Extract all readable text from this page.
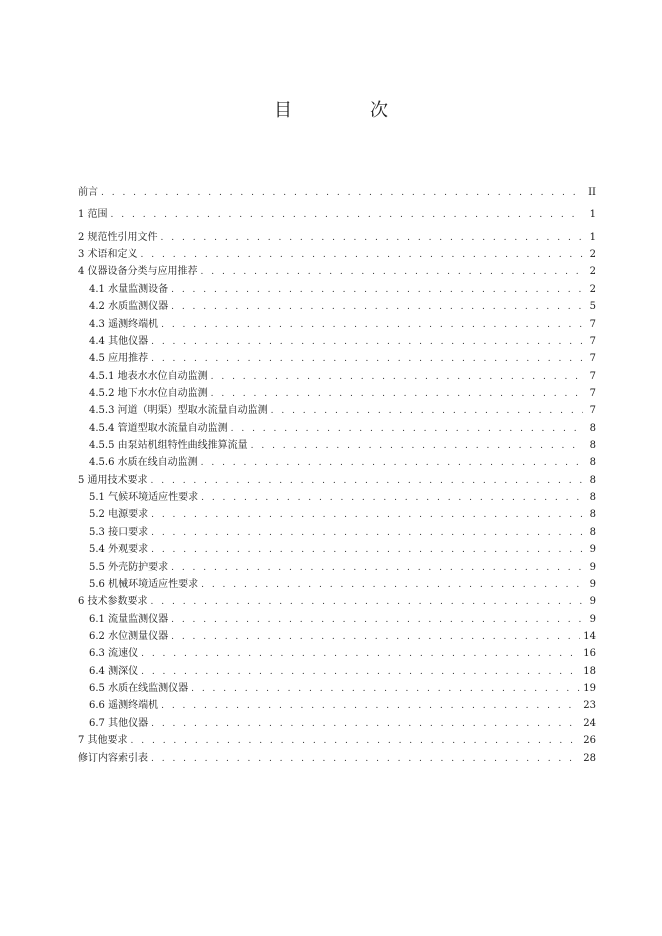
目　次
前言 . . .	II
1 范围 . . .	1
2 规范性引用文件 . . .	1
3 术语和定义 . . .	2
4 仪器设备分类与应用推荐 . . .	2
4.1 水量监测设备 . . .	2
4.2 水质监测仪器 . . .	5
4.3 遥测终端机 . . .	7
4.4 其他仪器 . . .	7
4.5 应用推荐 . . .	7
4.5.1 地表水水位自动监测 . . .	7
4.5.2 地下水水位自动监测 . . .	7
4.5.3 河道（明渠）型取水流量自动监测 . . .	7
4.5.4 管道型取水流量自动监测 . . .	8
4.5.5 由泵站机组特性曲线推算流量 . . .	8
4.5.6 水质在线自动监测 . . .	8
5 通用技术要求 . . .	8
5.1 气候环境适应性要求 . . .	8
5.2 电源要求 . . .	8
5.3 接口要求 . . .	8
5.4 外观要求 . . .	9
5.5 外壳防护要求 . . .	9
5.6 机械环境适应性要求 . . .	9
6 技术参数要求 . . .	9
6.1 流量监测仪器 . . .	9
6.2 水位测量仪器 . . .	14
6.3 流速仪 . . .	16
6.4 测深仪 . . .	18
6.5 水质在线监测仪器 . . .	19
6.6 遥测终端机 . . .	23
6.7 其他仪器 . . .	24
7 其他要求 . . .	26
修订内容索引表 . . .	28
